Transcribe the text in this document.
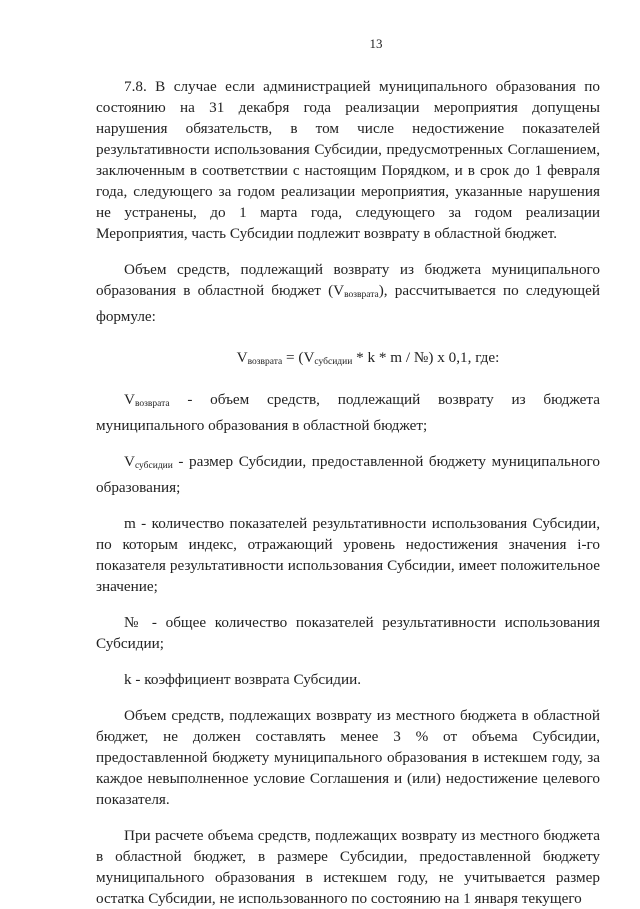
13

7.8. В случае если администрацией муниципального образования по состоянию на 31 декабря года реализации мероприятия допущены нарушения обязательств, в том числе недостижение показателей результативности использования Субсидии, предусмотренных Соглашением, заключенным в соответствии с настоящим Порядком, и в срок до 1 февраля года, следующего за годом реализации мероприятия, указанные нарушения не устранены, до 1 марта года, следующего за годом реализации Мероприятия, часть Субсидии подлежит возврату в областной бюджет.

Объем средств, подлежащий возврату из бюджета муниципального образования в областной бюджет $(V_{возврата})$, рассчитывается по следующей формуле:

$V_{возврата} = (V_{субсидии} * k * m$ / №) x 0,1, где:

$V_{возврата}$ - объем средств, подлежащий возврату из бюджета муниципального образования в областной бюджет;

$V_{субсидии}$ - размер Субсидии, предоставленной бюджету муниципального образования;

m - количество показателей результативности использования Субсидии, по которым индекс, отражающий уровень недостижения значения i-го показателя результативности использования Субсидии, имеет положительное значение;

№ - общее количество показателей результативности использования Субсидии;

k - коэффициент возврата Субсидии.

Объем средств, подлежащих возврату из местного бюджета в областной бюджет, не должен составлять менее 3 % от объема Субсидии, предоставленной бюджету муниципального образования в истекшем году, за каждое невыполненное условие Соглашения и (или) недостижение целевого показателя.

При расчете объема средств, подлежащих возврату из местного бюджета в областной бюджет, в размере Субсидии, предоставленной бюджету муниципального образования в истекшем году, не учитывается размер остатка Субсидии, не использованного по состоянию на 1 января текущего
